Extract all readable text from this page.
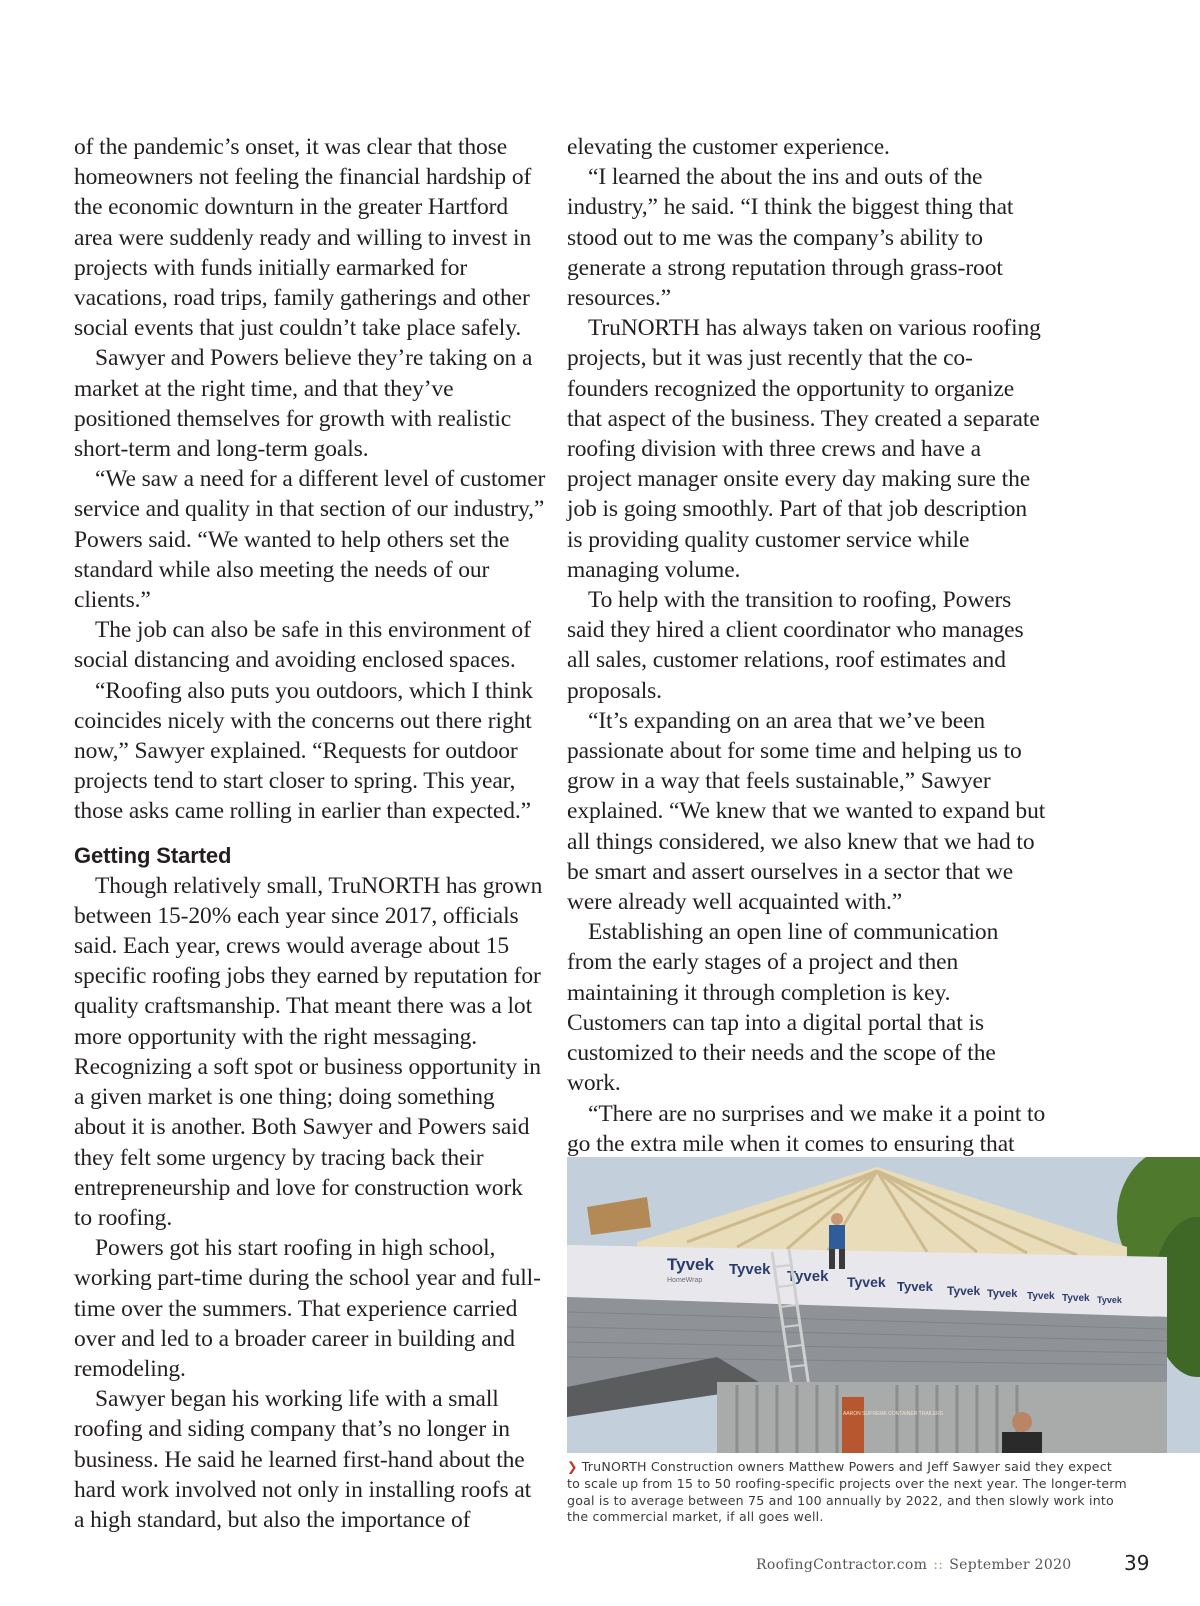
of the pandemic’s onset, it was clear that those homeowners not feeling the financial hardship of the economic downturn in the greater Hartford area were suddenly ready and willing to invest in projects with funds initially earmarked for vacations, road trips, family gatherings and other social events that just couldn’t take place safely.

Sawyer and Powers believe they’re taking on a market at the right time, and that they’ve positioned themselves for growth with realistic short-term and long-term goals.

“We saw a need for a different level of customer service and quality in that section of our industry,” Powers said. “We wanted to help others set the standard while also meeting the needs of our clients.”

The job can also be safe in this environment of social distancing and avoiding enclosed spaces.

“Roofing also puts you outdoors, which I think coincides nicely with the concerns out there right now,” Sawyer explained. “Requests for outdoor projects tend to start closer to spring. This year, those asks came rolling in earlier than expected.”

Getting Started

Though relatively small, TruNORTH has grown between 15-20% each year since 2017, officials said. Each year, crews would average about 15 specific roofing jobs they earned by reputation for quality craftsmanship. That meant there was a lot more opportunity with the right messaging. Recognizing a soft spot or business opportunity in a given market is one thing; doing something about it is another. Both Sawyer and Powers said they felt some urgency by tracing back their entrepreneurship and love for construction work to roofing.

Powers got his start roofing in high school, working part-time during the school year and full-time over the summers. That experience carried over and led to a broader career in building and remodeling.

Sawyer began his working life with a small roofing and siding company that’s no longer in business. He said he learned first-hand about the hard work involved not only in installing roofs at a high standard, but also the importance of

elevating the customer experience.

“I learned the about the ins and outs of the industry,” he said. “I think the biggest thing that stood out to me was the company’s ability to generate a strong reputation through grass-root resources.”

TruNORTH has always taken on various roofing projects, but it was just recently that the co-founders recognized the opportunity to organize that aspect of the business. They created a separate roofing division with three crews and have a project manager onsite every day making sure the job is going smoothly. Part of that job description is providing quality customer service while managing volume.

To help with the transition to roofing, Powers said they hired a client coordinator who manages all sales, customer relations, roof estimates and proposals.

“It’s expanding on an area that we’ve been passionate about for some time and helping us to grow in a way that feels sustainable,” Sawyer explained. “We knew that we wanted to expand but all things considered, we also knew that we had to be smart and assert ourselves in a sector that we were already well acquainted with.”

Establishing an open line of communication from the early stages of a project and then maintaining it through completion is key. Customers can tap into a digital portal that is customized to their needs and the scope of the work.

“There are no surprises and we make it a point to go the extra mile when it comes to ensuring that

Tyvek Tyvek Tyvek Tyvek Tyvek Tyvek Tyvek Tyvek Tyvek Tyvek
HomeWrap
AARON SUPREME CONTAINER TRAILERS
❯ TruNORTH Construction owners Matthew Powers and Jeff Sawyer said they expect to scale up from 15 to 50 roofing-specific projects over the next year. The longer-term goal is to average between 75 and 100 annually by 2022, and then slowly work into the commercial market, if all goes well.
RoofingContractor.com :: September 2020	39
